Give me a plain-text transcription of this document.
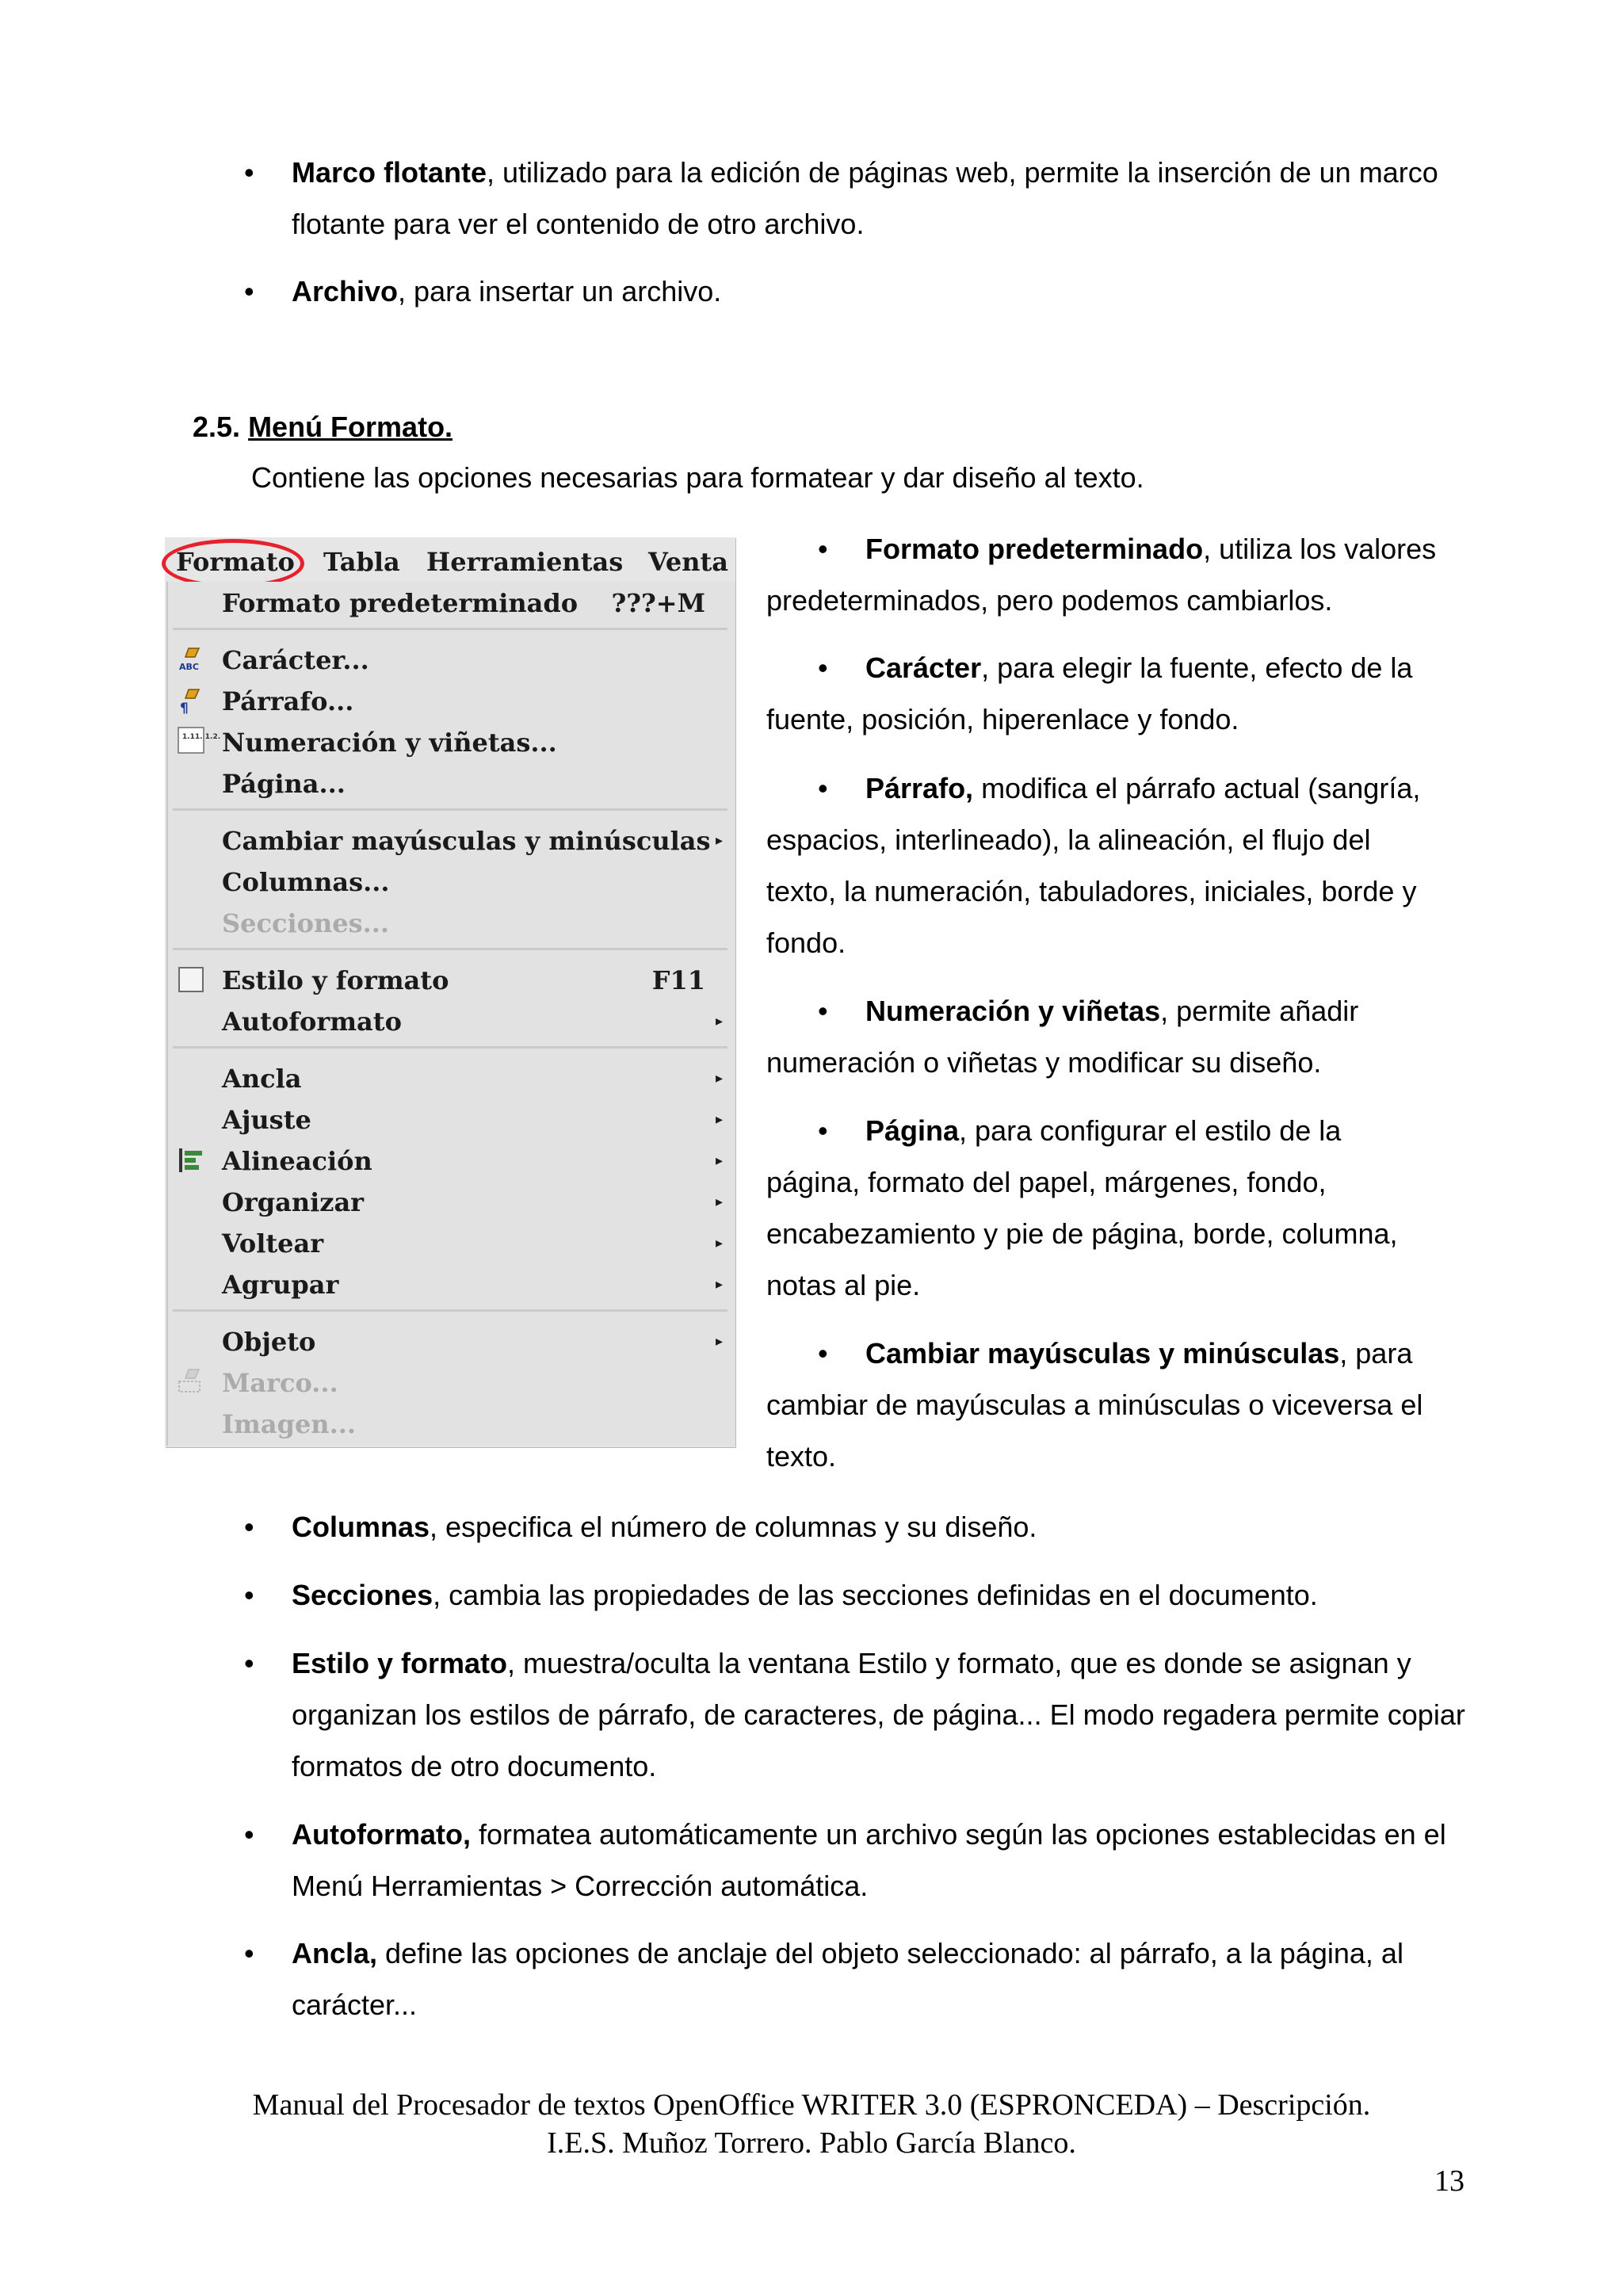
• Marco flotante, utilizado para la edición de páginas web, permite la inserción de un marco flotante para ver el contenido de otro archivo.
• Archivo, para insertar un archivo.
2.5. Menú Formato.
Contiene las opciones necesarias para formatear y dar diseño al texto.
Formato Tabla Herramientas Venta
Formato predeterminado ???+M
ABC Carácter...
¶ Párrafo...
1.11. 1.2. Numeración y viñetas...
Página...
Cambiar mayúsculas y minúsculas ▸
Columnas...
Secciones...
Estilo y formato	F11
Autoformato	▸
Ancla	▸
Ajuste	▸
Alineación	▸
Organizar	▸
Voltear	▸
Agrupar	▸
Objeto	▸
Marco...
Imagen...
• Formato predeterminado, utiliza los valores
predeterminados, pero podemos cambiarlos.
• Carácter, para elegir la fuente, efecto de la
fuente, posición, hiperenlace y fondo.
• Párrafo, modifica el párrafo actual (sangría,
espacios, interlineado), la alineación, el flujo del
texto, la numeración, tabuladores, iniciales, borde y
fondo.
• Numeración y viñetas, permite añadir
numeración o viñetas y modificar su diseño.
• Página, para configurar el estilo de la
página, formato del papel, márgenes, fondo,
encabezamiento y pie de página, borde, columna,
notas al pie.
• Cambiar mayúsculas y minúsculas, para
cambiar de mayúsculas a minúsculas o viceversa el
texto.
• Columnas, especifica el número de columnas y su diseño.
• Secciones, cambia las propiedades de las secciones definidas en el documento.
• Estilo y formato, muestra/oculta la ventana Estilo y formato, que es donde se asignan y organizan los estilos de párrafo, de caracteres, de página... El modo regadera permite copiar formatos de otro documento.
• Autoformato, formatea automáticamente un archivo según las opciones establecidas en el Menú Herramientas > Corrección automática.
• Ancla, define las opciones de anclaje del objeto seleccionado: al párrafo, a la página, al carácter...
Manual del Procesador de textos OpenOffice WRITER 3.0 (ESPRONCEDA) – Descripción.
I.E.S. Muñoz Torrero. Pablo García Blanco.
13
